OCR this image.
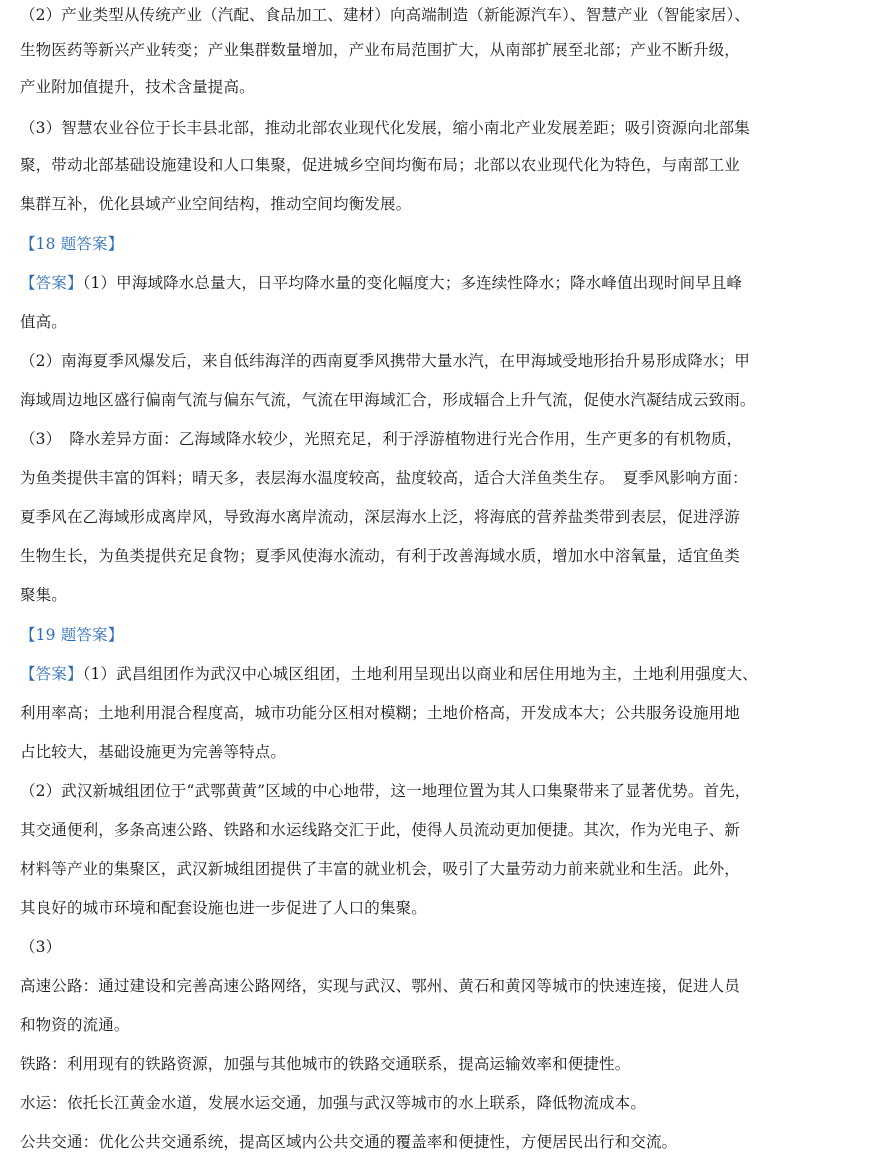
（2）产业类型从传统产业（汽配、食品加工、建材）向高端制造（新能源汽车）、智慧产业（智能家居）、
生物医药等新兴产业转变；产业集群数量增加，产业布局范围扩大，从南部扩展至北部；产业不断升级，
产业附加值提升，技术含量提高。
（3）智慧农业谷位于长丰县北部，推动北部农业现代化发展，缩小南北产业发展差距；吸引资源向北部集
聚，带动北部基础设施建设和人口集聚，促进城乡空间均衡布局；北部以农业现代化为特色，与南部工业
集群互补，优化县域产业空间结构，推动空间均衡发展。
【18 题答案】
【答案】（1）甲海域降水总量大，日平均降水量的变化幅度大；多连续性降水；降水峰值出现时间早且峰
值高。
（2）南海夏季风爆发后，来自低纬海洋的西南夏季风携带大量水汽，在甲海域受地形抬升易形成降水；甲
海域周边地区盛行偏南气流与偏东气流，气流在甲海域汇合，形成辐合上升气流，促使水汽凝结成云致雨。
（3）　降水差异方面：乙海域降水较少，光照充足，利于浮游植物进行光合作用，生产更多的有机物质，
为鱼类提供丰富的饵料；晴天多，表层海水温度较高，盐度较高，适合大洋鱼类生存。　夏季风影响方面：
夏季风在乙海域形成离岸风，导致海水离岸流动，深层海水上泛，将海底的营养盐类带到表层，促进浮游
生物生长，为鱼类提供充足食物；夏季风使海水流动，有利于改善海域水质，增加水中溶氧量，适宜鱼类
聚集。
【19 题答案】
【答案】（1）武昌组团作为武汉中心城区组团，土地利用呈现出以商业和居住用地为主，土地利用强度大、
利用率高；土地利用混合程度高，城市功能分区相对模糊；土地价格高，开发成本大；公共服务设施用地
占比较大，基础设施更为完善等特点。
（2）武汉新城组团位于“武鄂黄黄”区域的中心地带，这一地理位置为其人口集聚带来了显著优势。首先，
其交通便利，多条高速公路、铁路和水运线路交汇于此，使得人员流动更加便捷。其次，作为光电子、新
材料等产业的集聚区，武汉新城组团提供了丰富的就业机会，吸引了大量劳动力前来就业和生活。此外，
其良好的城市环境和配套设施也进一步促进了人口的集聚。
（3）
高速公路：通过建设和完善高速公路网络，实现与武汉、鄂州、黄石和黄冈等城市的快速连接，促进人员
和物资的流通。
铁路：利用现有的铁路资源，加强与其他城市的铁路交通联系，提高运输效率和便捷性。
水运：依托长江黄金水道，发展水运交通，加强与武汉等城市的水上联系，降低物流成本。
公共交通：优化公共交通系统，提高区域内公共交通的覆盖率和便捷性，方便居民出行和交流。
